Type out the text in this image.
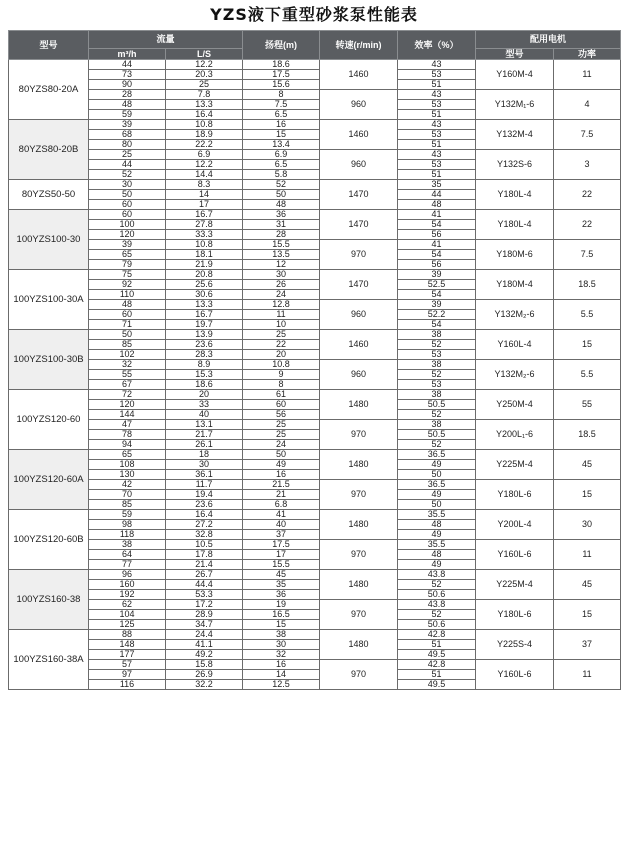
YZS液下重型砂浆泵性能表
型号	流量		扬程(m)	转速(r/min)	效率（%）	配用电机	
	m³/h	L/S				型号	功率
80YZS80-20A	44	12.2	18.6	1460	43	Y160M-4	11
	73	20.3	17.5		53		
	90	25	15.6		51		
	28	7.8	8	960	43	Y132M₁-6	4
	48	13.3	7.5		53		
	59	16.4	6.5		51		
80YZS80-20B	39	10.8	16	1460	43	Y132M-4	7.5
	68	18.9	15		53		
	80	22.2	13.4		51		
	25	6.9	6.9	960	43	Y132S-6	3
	44	12.2	6.5		53		
	52	14.4	5.8		51		
80YZS50-50	30	8.3	52	1470	35	Y180L-4	22
	50	14	50		44		
	60	17	48		48		
100YZS100-30	60	16.7	36	1470	41	Y180L-4	22
	100	27.8	31		54		
	120	33.3	28		56		
	39	10.8	15.5	970	41	Y180M-6	7.5
	65	18.1	13.5		54		
	79	21.9	12		56		
100YZS100-30A	75	20.8	30	1470	39	Y180M-4	18.5
	92	25.6	26		52.5		
	110	30.6	24		54		
	48	13.3	12.8	960	39	Y132M₂-6	5.5
	60	16.7	11		52.2		
	71	19.7	10		54		
100YZS100-30B	50	13.9	25	1460	38	Y160L-4	15
	85	23.6	22		52		
	102	28.3	20		53		
	32	8.9	10.8	960	38	Y132M₂-6	5.5
	55	15.3	9		52		
	67	18.6	8		53		
100YZS120-60	72	20	61	1480	38	Y250M-4	55
	120	33	60		50.5		
	144	40	56		52		
	47	13.1	25	970	38	Y200L₁-6	18.5
	78	21.7	25		50.5		
	94	26.1	24		52		
100YZS120-60A	65	18	50	1480	36.5	Y225M-4	45
	108	30	49		49		
	130	36.1	16		50		
	42	11.7	21.5	970	36.5	Y180L-6	15
	70	19.4	21		49		
	85	23.6	6.8		50		
100YZS120-60B	59	16.4	41	1480	35.5	Y200L-4	30
	98	27.2	40		48		
	118	32.8	37		49		
	38	10.5	17.5	970	35.5	Y160L-6	11
	64	17.8	17		48		
	77	21.4	15.5		49		
100YZS160-38	96	26.7	45	1480	43.8	Y225M-4	45
	160	44.4	35		52		
	192	53.3	36		50.6		
	62	17.2	19	970	43.8	Y180L-6	15
	104	28.9	16.5		52		
	125	34.7	15		50.6		
100YZS160-38A	88	24.4	38	1480	42.8	Y225S-4	37
	148	41.1	30		51		
	177	49.2	32		49.5		
	57	15.8	16	970	42.8	Y160L-6	11
	97	26.9	14		51		
	116	32.2	12.5		49.5		
